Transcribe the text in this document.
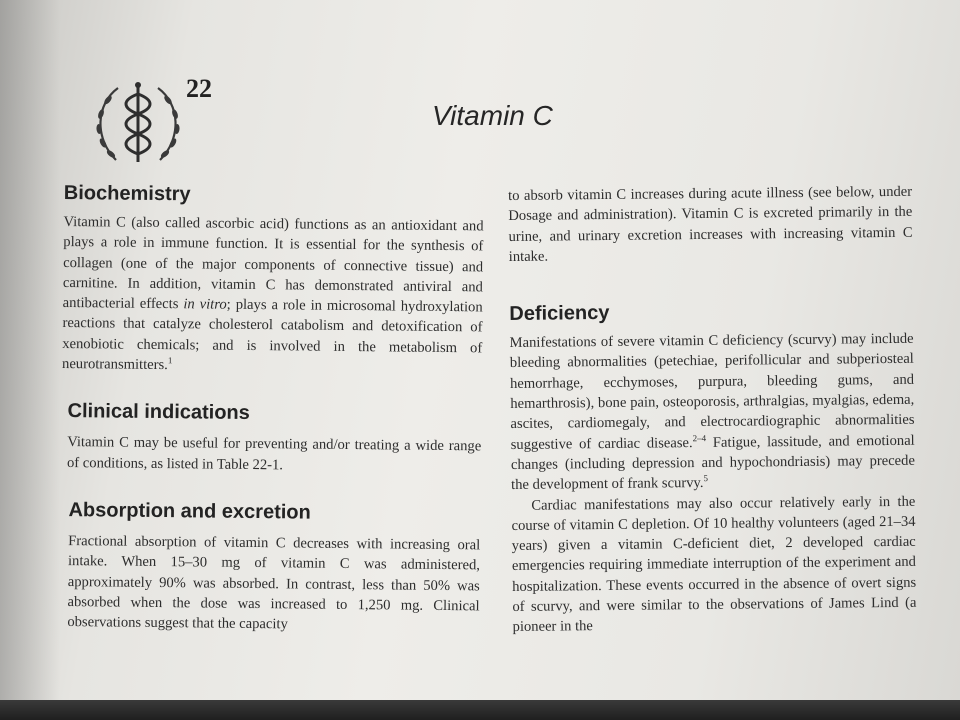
22
Vitamin C
Biochemistry

Vitamin C (also called ascorbic acid) functions as an antioxidant and plays a role in immune function. It is essential for the synthesis of collagen (one of the major components of connective tissue) and carnitine. In addition, vitamin C has demonstrated antiviral and antibacterial effects in vitro; plays a role in microsomal hydroxylation reactions that catalyze cholesterol catabolism and detoxification of xenobiotic chemicals; and is involved in the metabolism of neurotransmitters.$^1$

Clinical indications

Vitamin C may be useful for preventing and/or treating a wide range of conditions, as listed in Table 22-1.

Absorption and excretion

Fractional absorption of vitamin C decreases with increasing oral intake. When 15–30 mg of vitamin C was administered, approximately 90% was absorbed. In contrast, less than 50% was absorbed when the dose was increased to 1,250 mg. Clinical observations suggest that the capacity

to absorb vitamin C increases during acute illness (see below, under Dosage and administration). Vitamin C is excreted primarily in the urine, and urinary excretion increases with increasing vitamin C intake.

Deficiency

Manifestations of severe vitamin C deficiency (scurvy) may include bleeding abnormalities (petechiae, perifollicular and subperiosteal hemorrhage, ecchymoses, purpura, bleeding gums, and hemarthrosis), bone pain, osteoporosis, arthralgias, myalgias, edema, ascites, cardiomegaly, and electrocardiographic abnormalities suggestive of cardiac disease.$^{2-4}$ Fatigue, lassitude, and emotional changes (including depression and hypochondriasis) may precede the development of frank scurvy.$^5$

Cardiac manifestations may also occur relatively early in the course of vitamin C depletion. Of 10 healthy volunteers (aged 21–34 years) given a vitamin C-deficient diet, 2 developed cardiac emergencies requiring immediate interruption of the experiment and hospitalization. These events occurred in the absence of overt signs of scurvy, and were similar to the observations of James Lind (a pioneer in the
